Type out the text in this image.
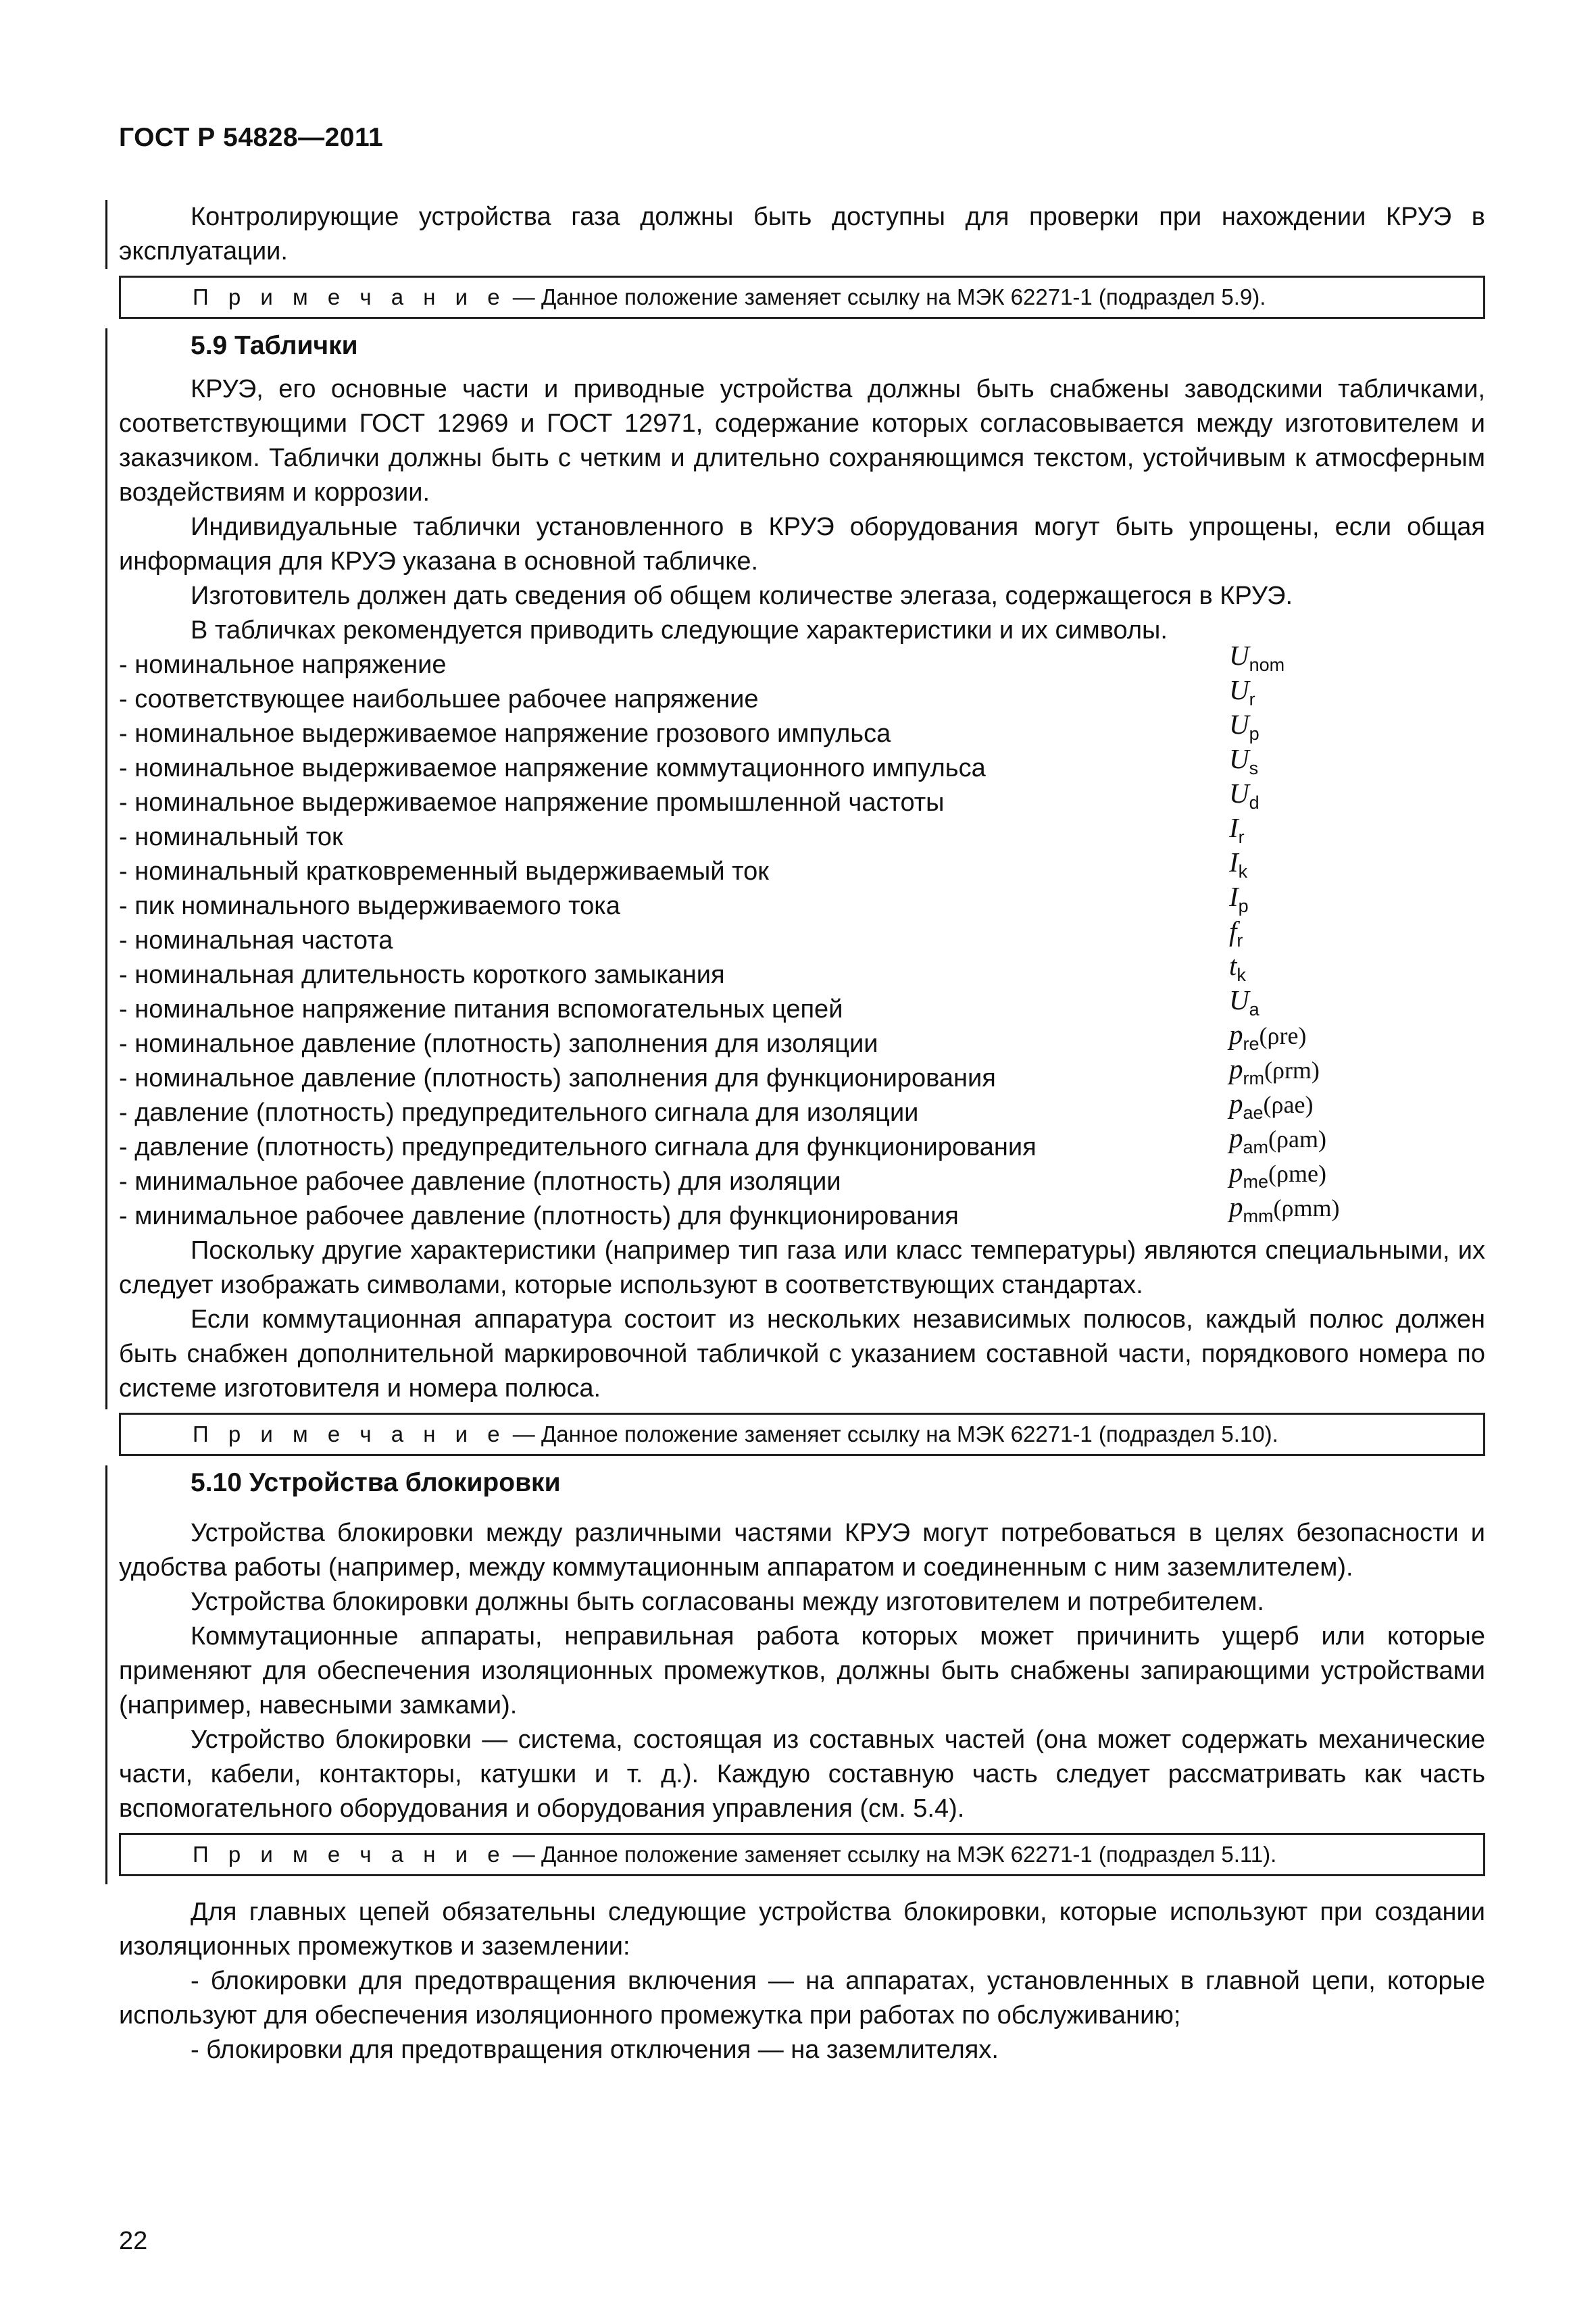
ГОСТ Р 54828—2011

Контролирующие устройства газа должны быть доступны для проверки при нахождении КРУЭ в эксплуатации.

П р и м е ч а н и е — Данное положение заменяет ссылку на МЭК 62271-1 (подраздел 5.9).
5.9 Таблички

КРУЭ, его основные части и приводные устройства должны быть снабжены заводскими табличками, соответствующими ГОСТ 12969 и ГОСТ 12971, содержание которых согласовывается между изготовителем и заказчиком. Таблички должны быть с четким и длительно сохраняющимся текстом, устойчивым к атмосферным воздействиям и коррозии.

Индивидуальные таблички установленного в КРУЭ оборудования могут быть упрощены, если общая информация для КРУЭ указана в основной табличке.

Изготовитель должен дать сведения об общем количестве элегаза, содержащегося в КРУЭ.

В табличках рекомендуется приводить следующие характеристики и их символы.

- номинальное напряжение	$U_{nom}$
- соответствующее наибольшее рабочее напряжение	$U_r$
- номинальное выдерживаемое напряжение грозового импульса	$U_p$
- номинальное выдерживаемое напряжение коммутационного импульса	$U_s$
- номинальное выдерживаемое напряжение промышленной частоты	$U_d$
- номинальный ток	$I_r$
- номинальный кратковременный выдерживаемый ток	$I_k$
- пик номинального выдерживаемого тока	$I_p$
- номинальная частота	$f_r$
- номинальная длительность короткого замыкания	$t_k$
- номинальное напряжение питания вспомогательных цепей	$U_a$
- номинальное давление (плотность) заполнения для изоляции	$p_{re}(\rho re)$
- номинальное давление (плотность) заполнения для функционирования	$p_{rm}(\rho rm)$
- давление (плотность) предупредительного сигнала для изоляции	$p_{ae}(\rho ae)$
- давление (плотность) предупредительного сигнала для функционирования	$p_{am}(\rho am)$
- минимальное рабочее давление (плотность) для изоляции	$p_{me}(\rho me)$
- минимальное рабочее давление (плотность) для функционирования	$p_{mm}(\rho mm)$

Поскольку другие характеристики (например тип газа или класс температуры) являются специальными, их следует изображать символами, которые используют в соответствующих стандартах.

Если коммутационная аппаратура состоит из нескольких независимых полюсов, каждый полюс должен быть снабжен дополнительной маркировочной табличкой с указанием составной части, порядкового номера по системе изготовителя и номера полюса.

П р и м е ч а н и е — Данное положение заменяет ссылку на МЭК 62271-1 (подраздел 5.10).
5.10 Устройства блокировки

Устройства блокировки между различными частями КРУЭ могут потребоваться в целях безопасности и удобства работы (например, между коммутационным аппаратом и соединенным с ним заземлителем).

Устройства блокировки должны быть согласованы между изготовителем и потребителем.

Коммутационные аппараты, неправильная работа которых может причинить ущерб или которые применяют для обеспечения изоляционных промежутков, должны быть снабжены запирающими устройствами (например, навесными замками).

Устройство блокировки — система, состоящая из составных частей (она может содержать механические части, кабели, контакторы, катушки и т. д.). Каждую составную часть следует рассматривать как часть вспомогательного оборудования и оборудования управления (см. 5.4).

П р и м е ч а н и е — Данное положение заменяет ссылку на МЭК 62271-1 (подраздел 5.11).

Для главных цепей обязательны следующие устройства блокировки, которые используют при создании изоляционных промежутков и заземлении:

- блокировки для предотвращения включения — на аппаратах, установленных в главной цепи, которые используют для обеспечения изоляционного промежутка при работах по обслуживанию;

- блокировки для предотвращения отключения — на заземлителях.

22
